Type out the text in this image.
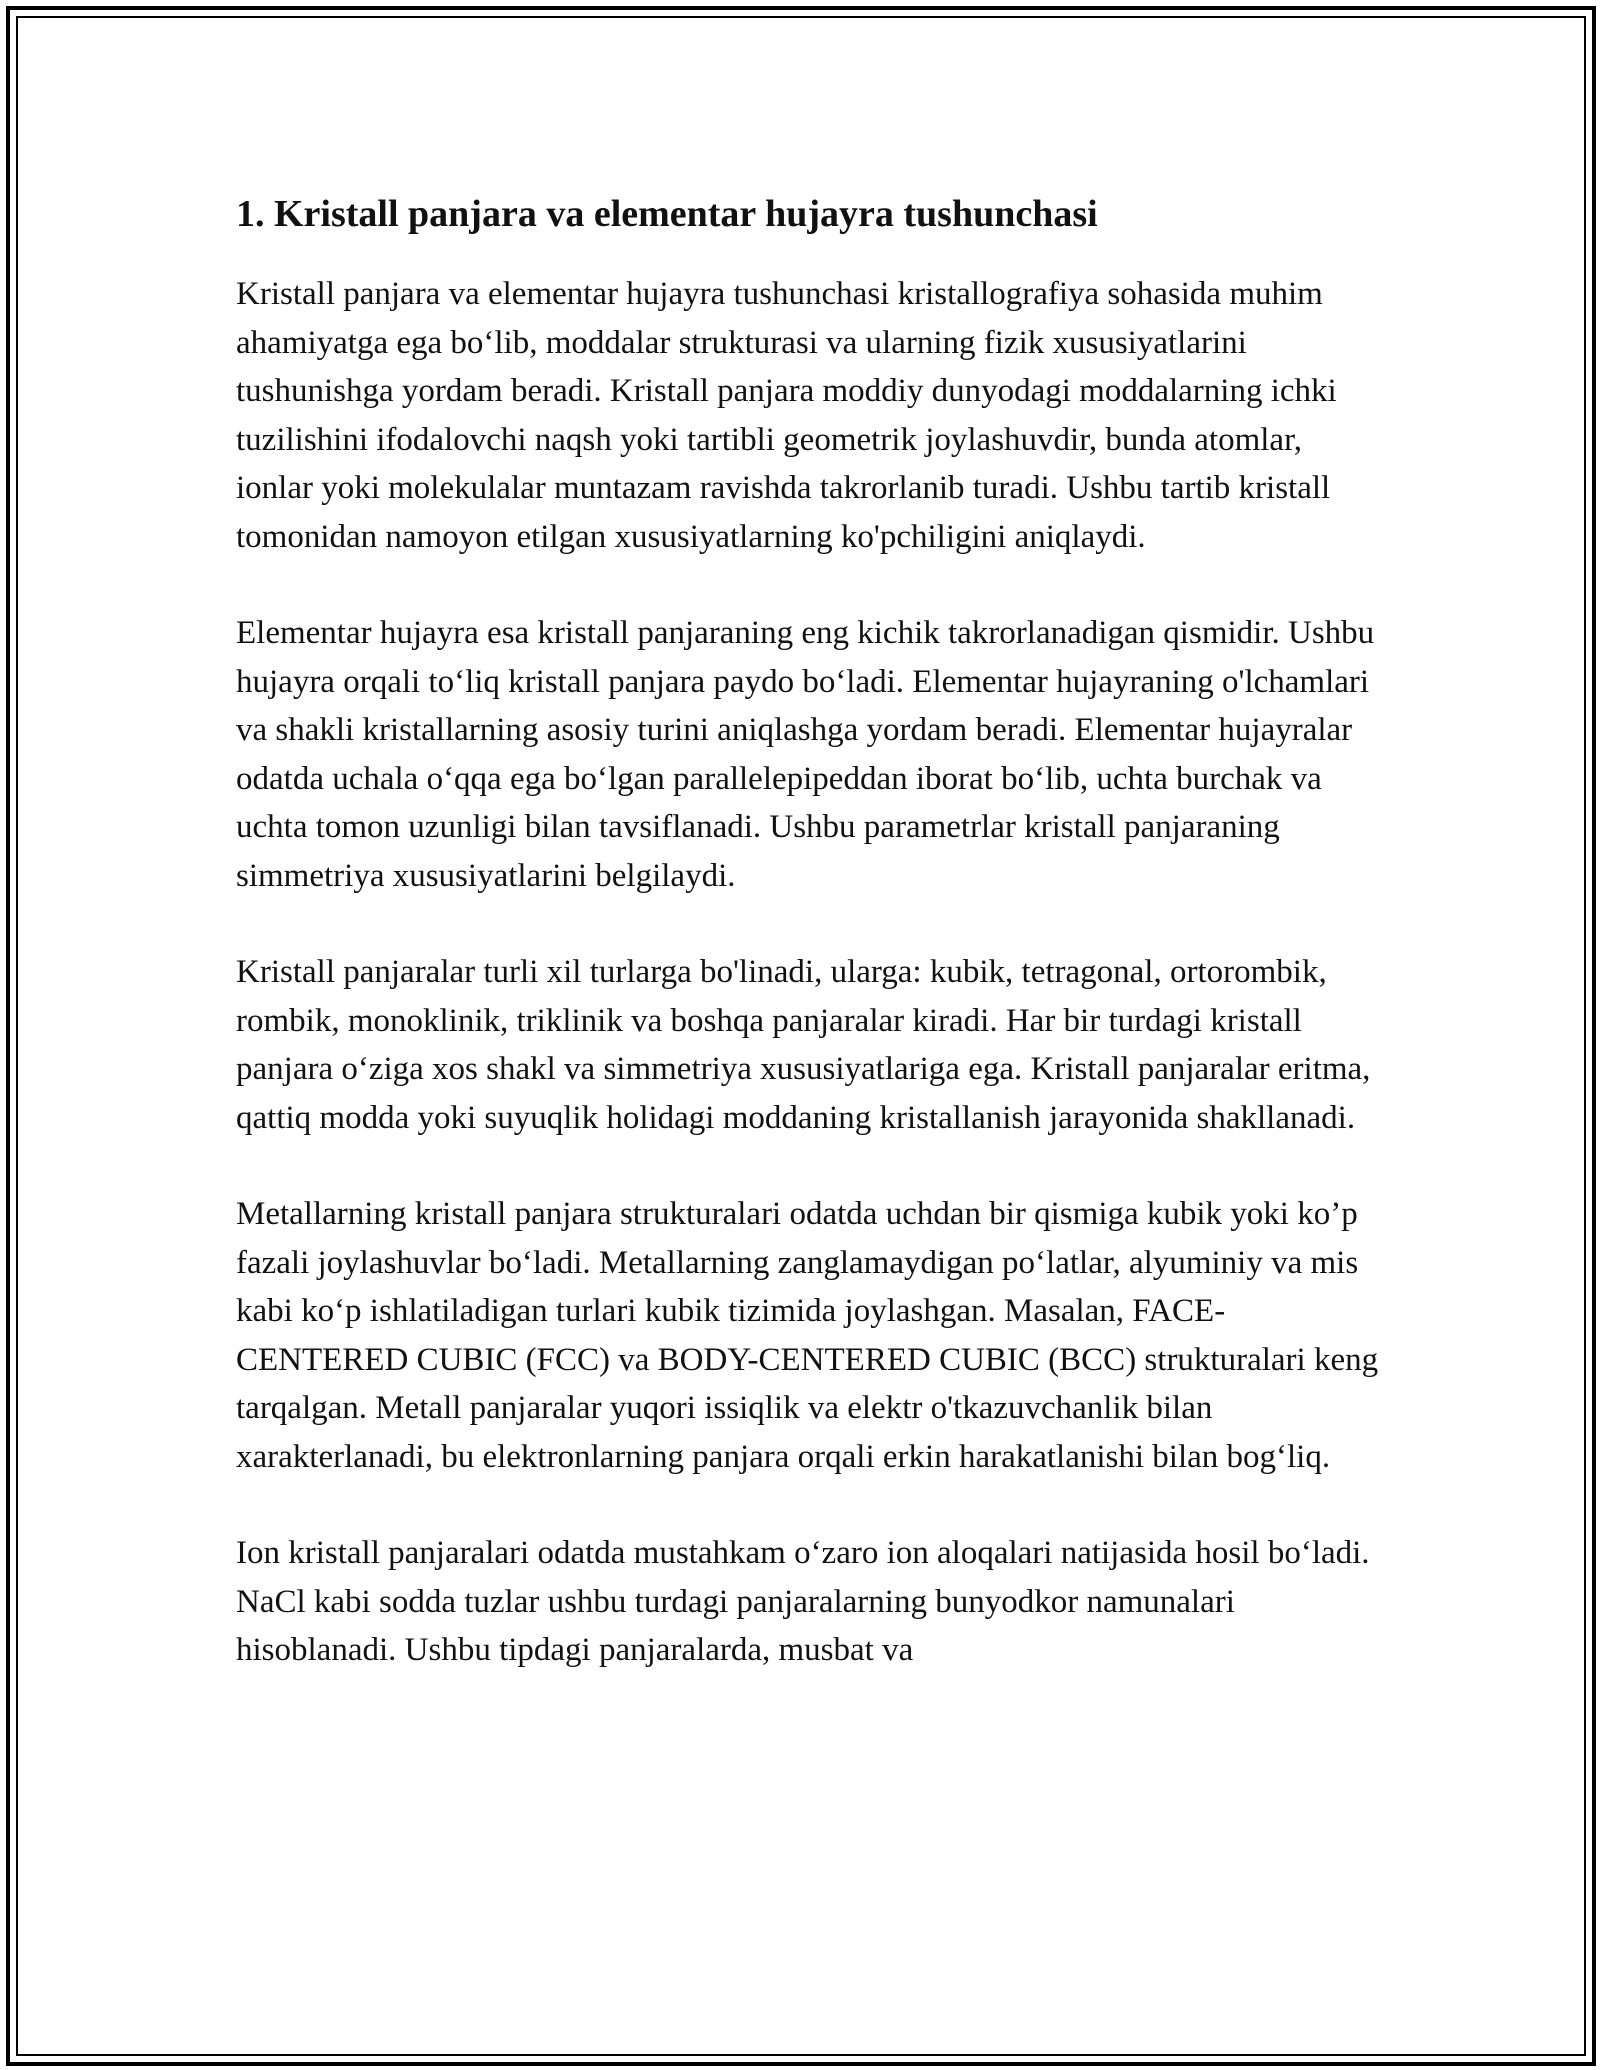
1. Kristall panjara va elementar hujayra tushunchasi

Kristall panjara va elementar hujayra tushunchasi kristallografiya sohasida muhim ahamiyatga ega bo‘lib, moddalar strukturasi va ularning fizik xususiyatlarini tushunishga yordam beradi. Kristall panjara moddiy dunyodagi moddalarning ichki tuzilishini ifodalovchi naqsh yoki tartibli geometrik joylashuvdir, bunda atomlar, ionlar yoki molekulalar muntazam ravishda takrorlanib turadi. Ushbu tartib kristall tomonidan namoyon etilgan xususiyatlarning ko'pchiligini aniqlaydi.

Elementar hujayra esa kristall panjaraning eng kichik takrorlanadigan qismidir. Ushbu hujayra orqali to‘liq kristall panjara paydo bo‘ladi. Elementar hujayraning o'lchamlari va shakli kristallarning asosiy turini aniqlashga yordam beradi. Elementar hujayralar odatda uchala o‘qqa ega bo‘lgan parallelepipeddan iborat bo‘lib, uchta burchak va uchta tomon uzunligi bilan tavsiflanadi. Ushbu parametrlar kristall panjaraning simmetriya xususiyatlarini belgilaydi.

Kristall panjaralar turli xil turlarga bo'linadi, ularga: kubik, tetragonal, ortorombik, rombik, monoklinik, triklinik va boshqa panjaralar kiradi. Har bir turdagi kristall panjara o‘ziga xos shakl va simmetriya xususiyatlariga ega. Kristall panjaralar eritma, qattiq modda yoki suyuqlik holidagi moddaning kristallanish jarayonida shakllanadi.

Metallarning kristall panjara strukturalari odatda uchdan bir qismiga kubik yoki ko’p fazali joylashuvlar bo‘ladi. Metallarning zanglamaydigan po‘latlar, alyuminiy va mis kabi ko‘p ishlatiladigan turlari kubik tizimida joylashgan. Masalan, FACE-CENTERED CUBIC (FCC) va BODY-CENTERED CUBIC (BCC) strukturalari keng tarqalgan. Metall panjaralar yuqori issiqlik va elektr o'tkazuvchanlik bilan xarakterlanadi, bu elektronlarning panjara orqali erkin harakatlanishi bilan bog‘liq.

Ion kristall panjaralari odatda mustahkam o‘zaro ion aloqalari natijasida hosil bo‘ladi. NaCl kabi sodda tuzlar ushbu turdagi panjaralarning bunyodkor namunalari hisoblanadi. Ushbu tipdagi panjaralarda, musbat va
